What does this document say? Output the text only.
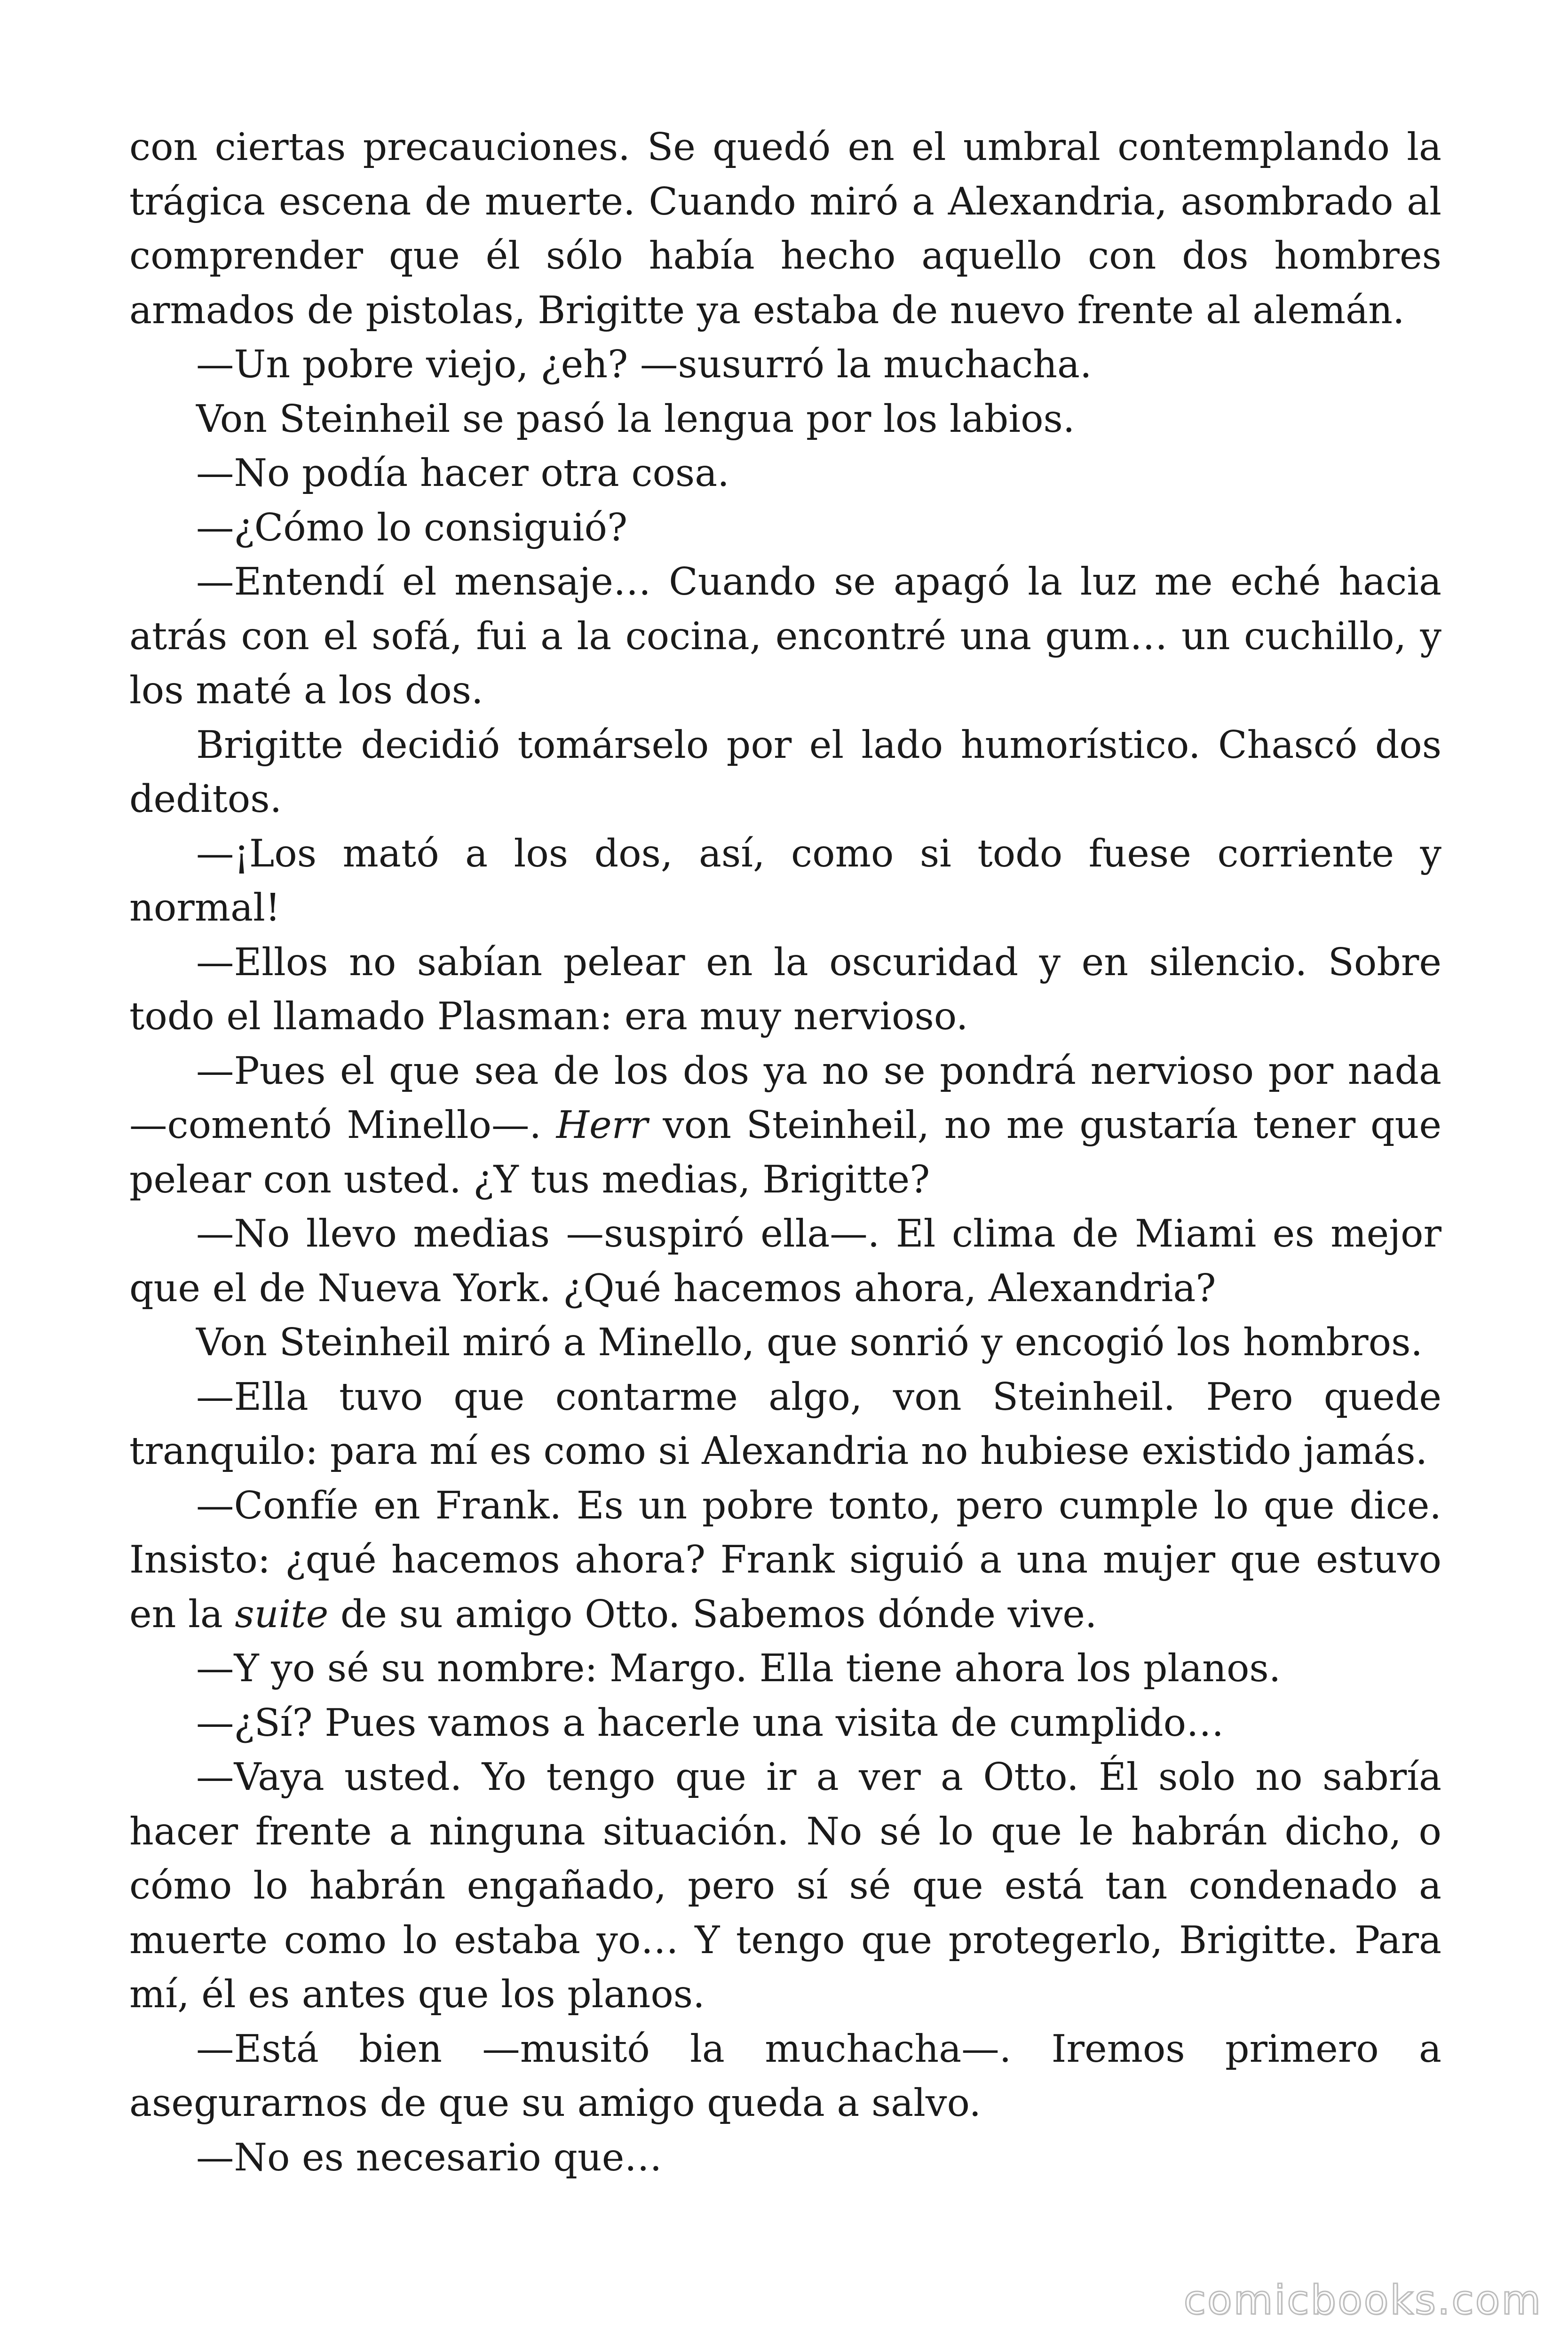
con ciertas precauciones. Se quedó en el umbral contemplando la trágica escena de muerte. Cuando miró a Alexandria, asombrado al comprender que él sólo había hecho aquello con dos hombres armados de pistolas, Brigitte ya estaba de nuevo frente al alemán.

—Un pobre viejo, ¿eh? —susurró la muchacha.

Von Steinheil se pasó la lengua por los labios.

—No podía hacer otra cosa.

—¿Cómo lo consiguió?

—Entendí el mensaje… Cuando se apagó la luz me eché hacia atrás con el sofá, fui a la cocina, encontré una gum… un cuchillo, y los maté a los dos.

Brigitte decidió tomárselo por el lado humorístico. Chascó dos deditos.

—¡Los mató a los dos, así, como si todo fuese corriente y normal!

—Ellos no sabían pelear en la oscuridad y en silencio. Sobre todo el llamado Plasman: era muy nervioso.

—Pues el que sea de los dos ya no se pondrá nervioso por nada —comentó Minello—. Herr von Steinheil, no me gustaría tener que pelear con usted. ¿Y tus medias, Brigitte?

—No llevo medias —suspiró ella—. El clima de Miami es mejor que el de Nueva York. ¿Qué hacemos ahora, Alexandria?

Von Steinheil miró a Minello, que sonrió y encogió los hombros.

—Ella tuvo que contarme algo, von Steinheil. Pero quede tranquilo: para mí es como si Alexandria no hubiese existido jamás.

—Confíe en Frank. Es un pobre tonto, pero cumple lo que dice. Insisto: ¿qué hacemos ahora? Frank siguió a una mujer que estuvo en la suite de su amigo Otto. Sabemos dónde vive.

—Y yo sé su nombre: Margo. Ella tiene ahora los planos.

—¿Sí? Pues vamos a hacerle una visita de cumplido…

—Vaya usted. Yo tengo que ir a ver a Otto. Él solo no sabría hacer frente a ninguna situación. No sé lo que le habrán dicho, o cómo lo habrán engañado, pero sí sé que está tan condenado a muerte como lo estaba yo… Y tengo que protegerlo, Brigitte. Para mí, él es antes que los planos.

—Está bien —musitó la muchacha—. Iremos primero a asegurarnos de que su amigo queda a salvo.

—No es necesario que…

comicbooks.com
